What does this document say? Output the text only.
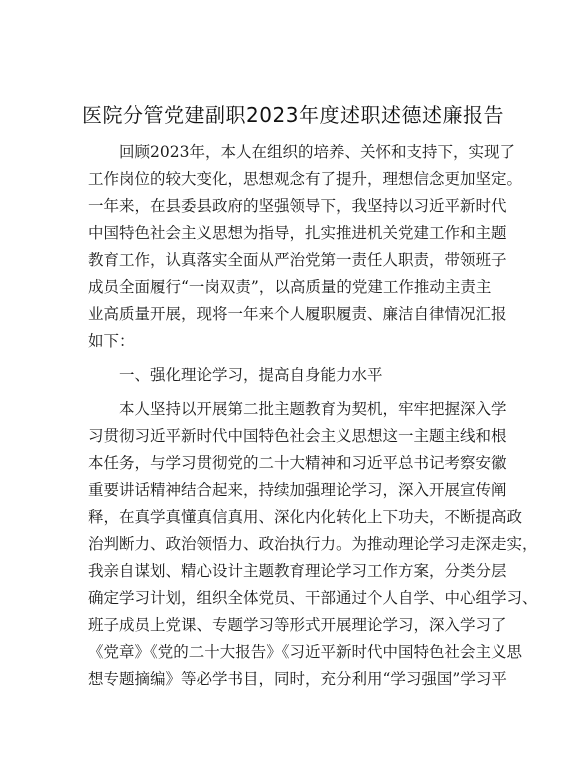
医院分管党建副职2023年度述职述德述廉报告
回顾2023年，本人在组织的培养、关怀和支持下，实现了
工作岗位的较大变化，思想观念有了提升，理想信念更加坚定。
一年来，在县委县政府的坚强领导下，我坚持以习近平新时代
中国特色社会主义思想为指导，扎实推进机关党建工作和主题
教育工作，认真落实全面从严治党第一责任人职责，带领班子
成员全面履行“一岗双责”，以高质量的党建工作推动主责主
业高质量开展，现将一年来个人履职履责、廉洁自律情况汇报
如下：
一、强化理论学习，提高自身能力水平
本人坚持以开展第二批主题教育为契机，牢牢把握深入学
习贯彻习近平新时代中国特色社会主义思想这一主题主线和根
本任务，与学习贯彻党的二十大精神和习近平总书记考察安徽
重要讲话精神结合起来，持续加强理论学习，深入开展宣传阐
释，在真学真懂真信真用、深化内化转化上下功夫，不断提高政
治判断力、政治领悟力、政治执行力。为推动理论学习走深走实，
我亲自谋划、精心设计主题教育理论学习工作方案，分类分层
确定学习计划，组织全体党员、干部通过个人自学、中心组学习、
班子成员上党课、专题学习等形式开展理论学习，深入学习了
《党章》《党的二十大报告》《习近平新时代中国特色社会主义思
想专题摘编》等必学书目，同时，充分利用“学习强国”学习平
